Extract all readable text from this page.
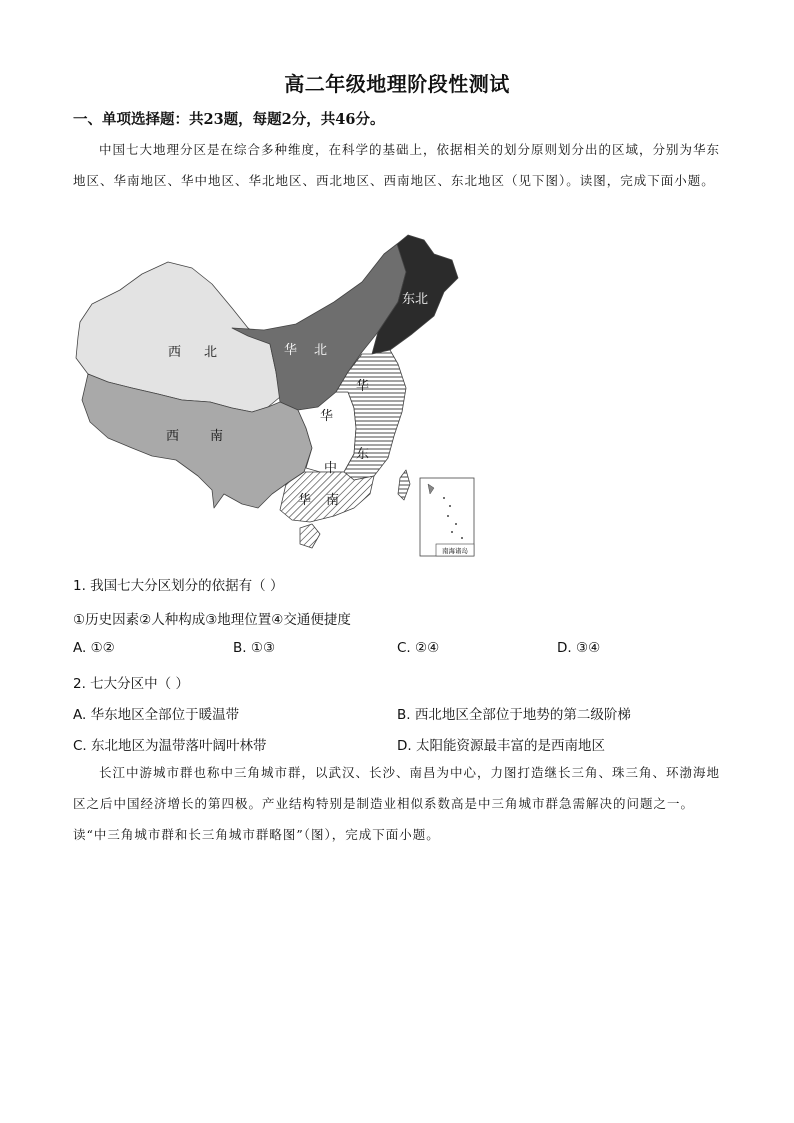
高二年级地理阶段性测试
一、单项选择题：共23题，每题2分，共46分。
中国七大地理分区是在综合多种维度，在科学的基础上，依据相关的划分原则划分出的区域，分别为华东地区、华南地区、华中地区、华北地区、西北地区、西南地区、东北地区（见下图）。读图，完成下面小题。
南海诸岛
东北
西 北	华 北
西 南
华
东
华
中
华 南
1. 我国七大分区划分的依据有（ ）
①历史因素②人种构成③地理位置④交通便捷度
A. ①②	B. ①③	C. ②④	D. ③④
2. 七大分区中（ ）
A. 华东地区全部位于暖温带	B. 西北地区全部位于地势的第二级阶梯
C. 东北地区为温带落叶阔叶林带	D. 太阳能资源最丰富的是西南地区
长江中游城市群也称中三角城市群，以武汉、长沙、南昌为中心，力图打造继长三角、珠三角、环渤海地区之后中国经济增长的第四极。产业结构特别是制造业相似系数高是中三角城市群急需解决的问题之一。读“中三角城市群和长三角城市群略图”（图），完成下面小题。
